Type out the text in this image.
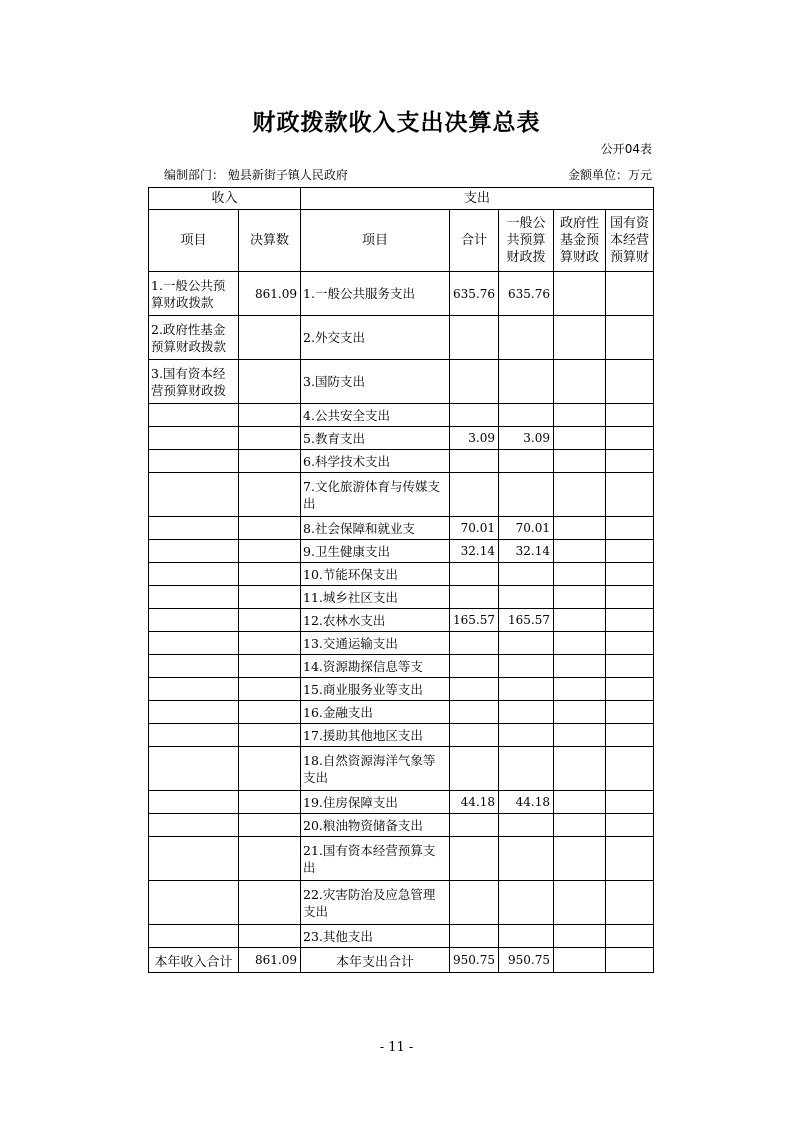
财政拨款收入支出决算总表
公开04表
编制部门： 勉县新街子镇人民政府	金额单位：万元
收入		支出				
项目	决算数	项目	合计	一般公共预算财政拨	政府性基金预算财政	国有资本经营预算财
1.一般公共预算财政拨款	861.09	1.一般公共服务支出	635.76	635.76		
2.政府性基金预算财政拨款		2.外交支出				
3.国有资本经营预算财政拨		3.国防支出				
		4.公共安全支出				
		5.教育支出	3.09	3.09		
		6.科学技术支出				
		7.文化旅游体育与传媒支出				
		8.社会保障和就业支	70.01	70.01		
		9.卫生健康支出	32.14	32.14		
		10.节能环保支出				
		11.城乡社区支出				
		12.农林水支出	165.57	165.57		
		13.交通运输支出				
		14.资源勘探信息等支				
		15.商业服务业等支出				
		16.金融支出				
		17.援助其他地区支出				
		18.自然资源海洋气象等支出				
		19.住房保障支出	44.18	44.18		
		20.粮油物资储备支出				
		21.国有资本经营预算支出				
		22.灾害防治及应急管理支出				
		23.其他支出				
本年收入合计	861.09	本年支出合计	950.75	950.75		
- 11 -
